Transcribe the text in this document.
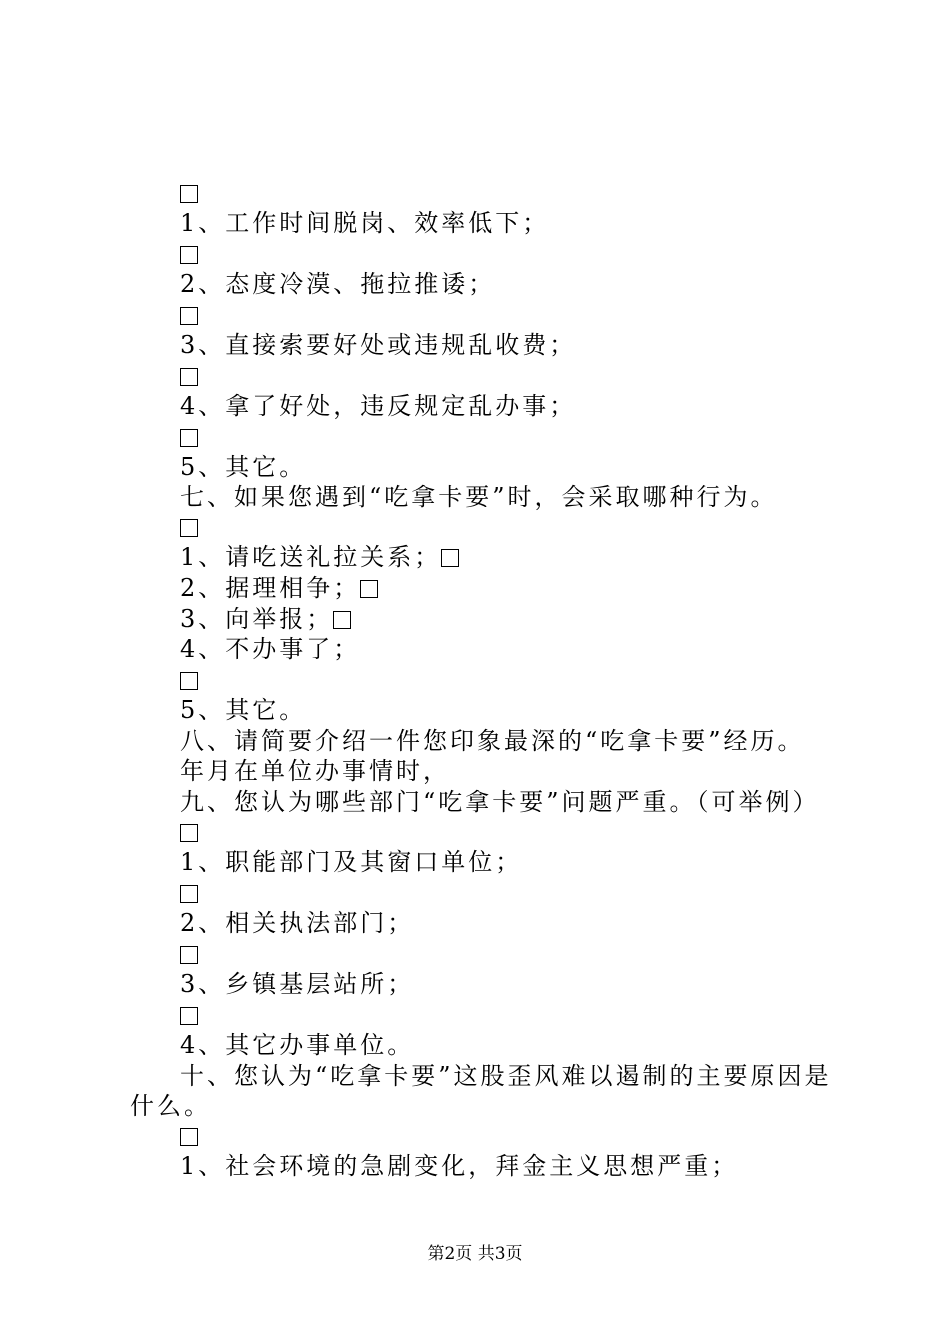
1、工作时间脱岗、效率低下；
2、态度冷漠、拖拉推诿；
3、直接索要好处或违规乱收费；
4、拿了好处，违反规定乱办事；
5、其它。
七、如果您遇到“吃拿卡要”时，会采取哪种行为。
1、请吃送礼拉关系；
2、据理相争；
3、向举报；
4、不办事了；
5、其它。
八、请简要介绍一件您印象最深的“吃拿卡要”经历。
年月在单位办事情时，
九、您认为哪些部门“吃拿卡要”问题严重。（可举例）
1、职能部门及其窗口单位；
2、相关执法部门；
3、乡镇基层站所；
4、其它办事单位。
十、您认为“吃拿卡要”这股歪风难以遏制的主要原因是
什么。
1、社会环境的急剧变化，拜金主义思想严重；
第2页 共3页
